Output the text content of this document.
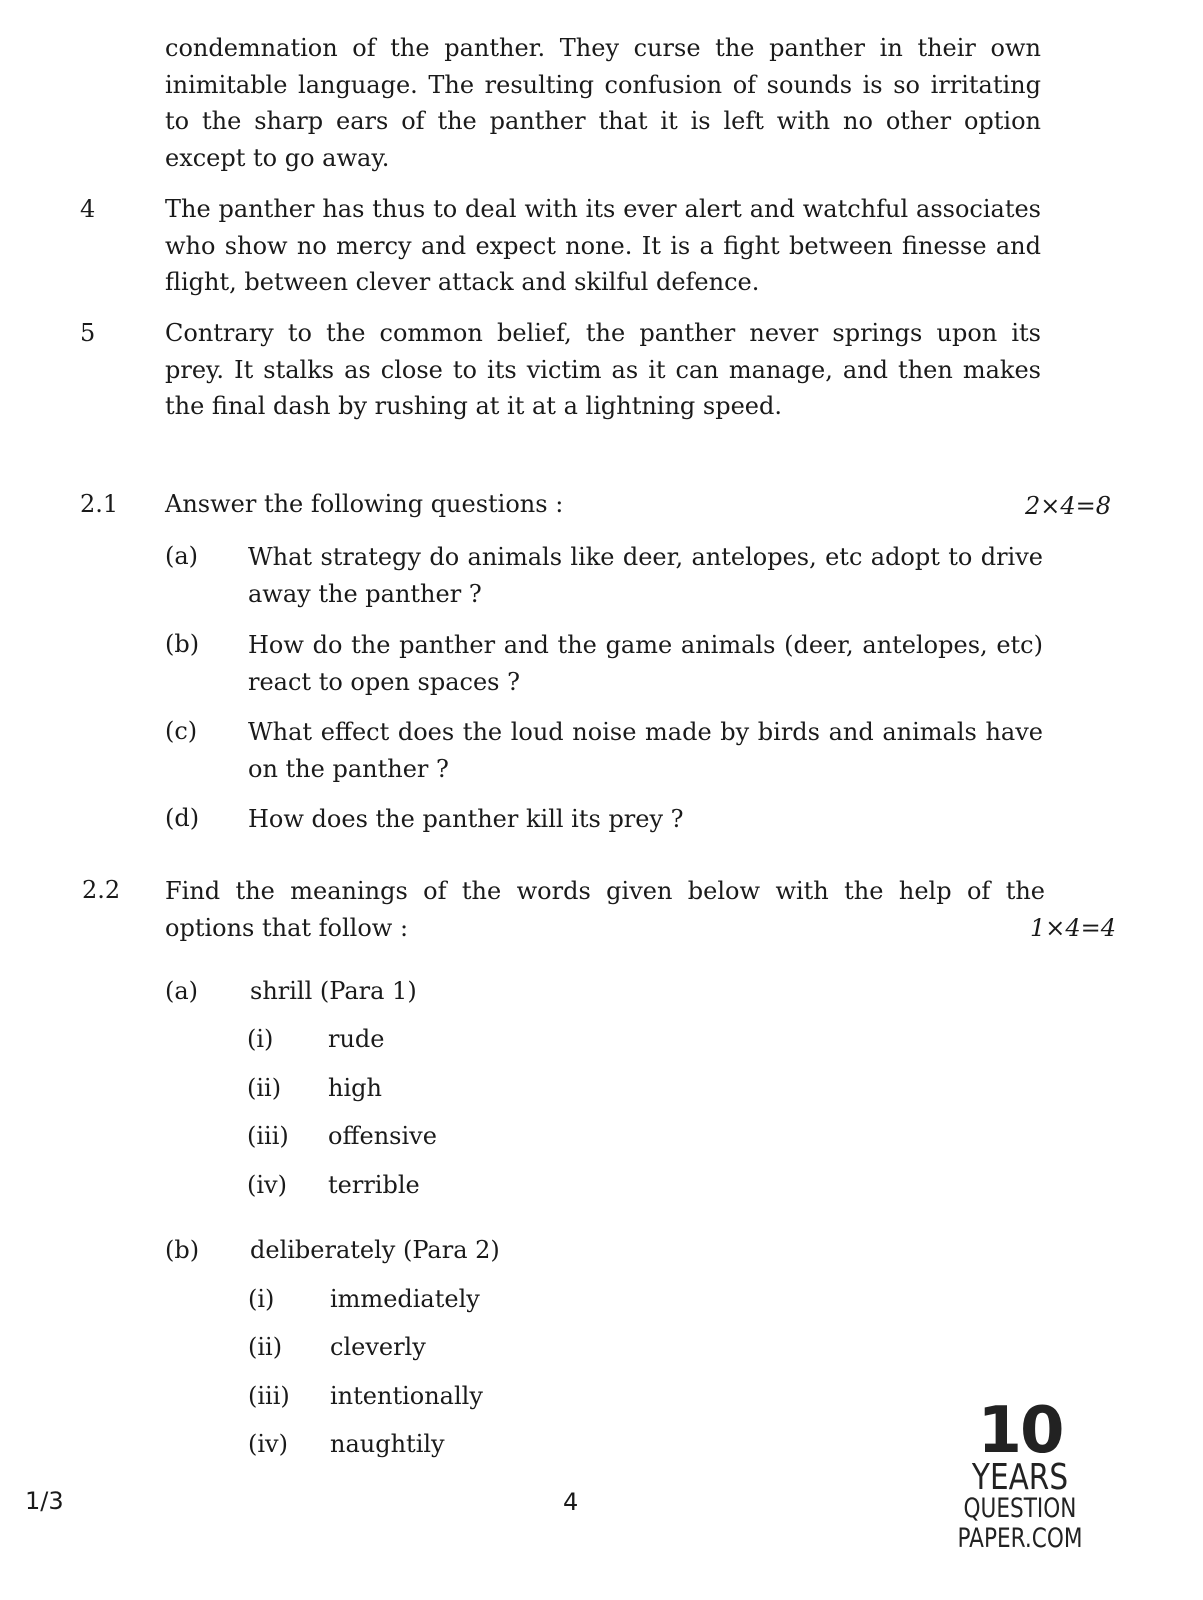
condemnation of the panther. They curse the panther in their own inimitable language. The resulting confusion of sounds is so irritating to the sharp ears of the panther that it is left with no other option except to go away.
4	The panther has thus to deal with its ever alert and watchful associates who show no mercy and expect none. It is a fight between finesse and flight, between clever attack and skilful defence.
5	Contrary to the common belief, the panther never springs upon its prey. It stalks as close to its victim as it can manage, and then makes the final dash by rushing at it at a lightning speed.
2.1 Answer the following questions :	2×4=8
(a) What strategy do animals like deer, antelopes, etc adopt to drive away the panther ?
(b) How do the panther and the game animals (deer, antelopes, etc) react to open spaces ?
(c) What effect does the loud noise made by birds and animals have on the panther ?
(d) How does the panther kill its prey ?
2.2 Find the meanings of the words given below with the help of the options that follow :	1×4=4
(a) shrill (Para 1)
(i) rude
(ii) high
(iii) offensive
(iv) terrible
(b) deliberately (Para 2)
(i) immediately
(ii) cleverly
(iii) intentionally
(iv) naughtily
1/3	4
10
YEARS
QUESTION PAPER.COM
